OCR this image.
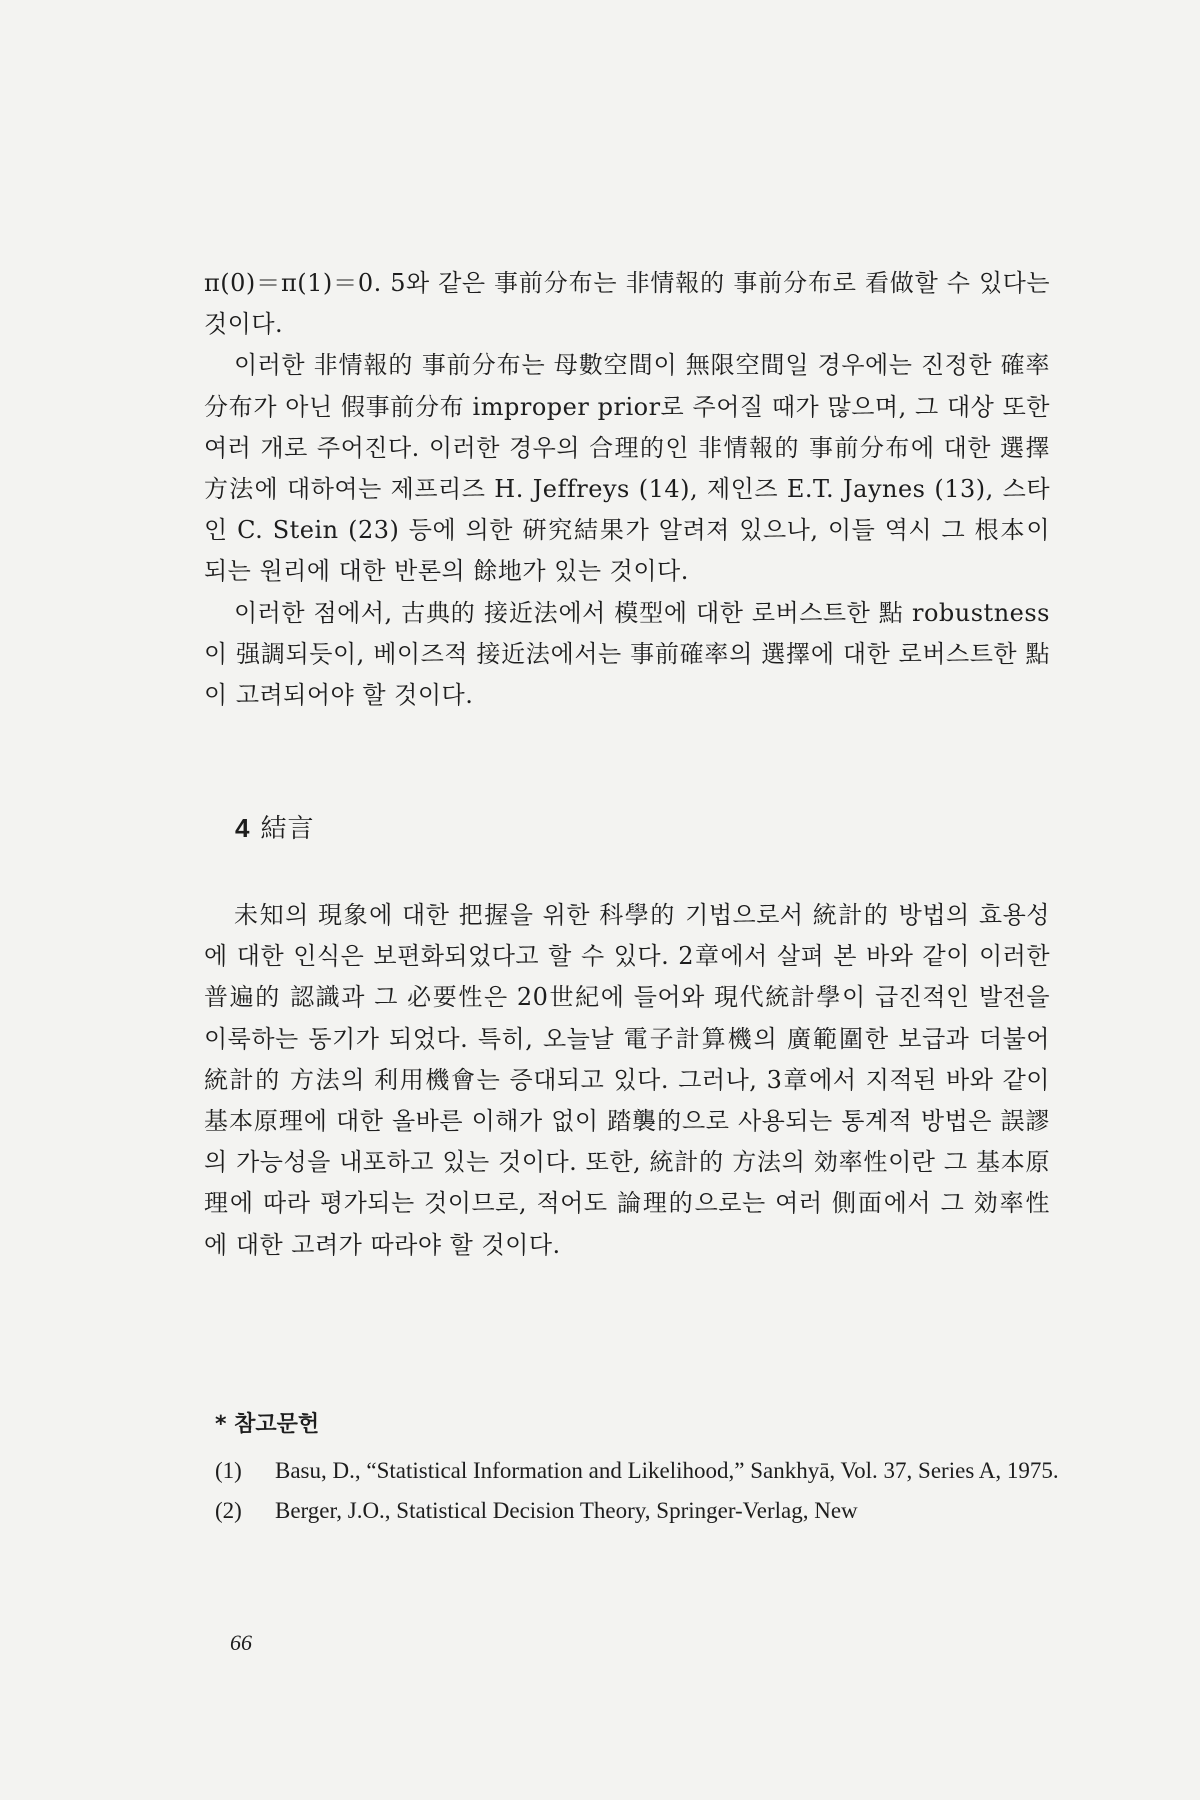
π(0)＝π(1)＝0. 5와 같은 事前分布는 非情報的 事前分布로 看做할 수 있다는 것이다.

이러한 非情報的 事前分布는 母數空間이 無限空間일 경우에는 진정한 確率分布가 아닌 假事前分布 improper prior로 주어질 때가 많으며, 그 대상 또한 여러 개로 주어진다. 이러한 경우의 合理的인 非情報的 事前分布에 대한 選擇方法에 대하여는 제프리즈 H. Jeffreys (14), 제인즈 E.T. Jaynes (13), 스타인 C. Stein (23) 등에 의한 硏究結果가 알려져 있으나, 이들 역시 그 根本이 되는 원리에 대한 반론의 餘地가 있는 것이다.

이러한 점에서, 古典的 接近法에서 模型에 대한 로버스트한 點 robustness이 强調되듯이, 베이즈적 接近法에서는 事前確率의 選擇에 대한 로버스트한 點이 고려되어야 할 것이다.

4 結言

未知의 現象에 대한 把握을 위한 科學的 기법으로서 統計的 방법의 효용성에 대한 인식은 보편화되었다고 할 수 있다. 2章에서 살펴 본 바와 같이 이러한 普遍的 認識과 그 必要性은 20世紀에 들어와 現代統計學이 급진적인 발전을 이룩하는 동기가 되었다. 특히, 오늘날 電子計算機의 廣範圍한 보급과 더불어 統計的 方法의 利用機會는 증대되고 있다. 그러나, 3章에서 지적된 바와 같이 基本原理에 대한 올바른 이해가 없이 踏襲的으로 사용되는 통계적 방법은 誤謬의 가능성을 내포하고 있는 것이다. 또한, 統計的 方法의 効率性이란 그 基本原理에 따라 평가되는 것이므로, 적어도 論理的으로는 여러 側面에서 그 効率性에 대한 고려가 따라야 할 것이다.

* 참고문헌
(1) Basu, D., “Statistical Information and Likelihood,” Sankhyā, Vol. 37, Series A, 1975.
(2) Berger, J.O., Statistical Decision Theory, Springer-Verlag, New
66
